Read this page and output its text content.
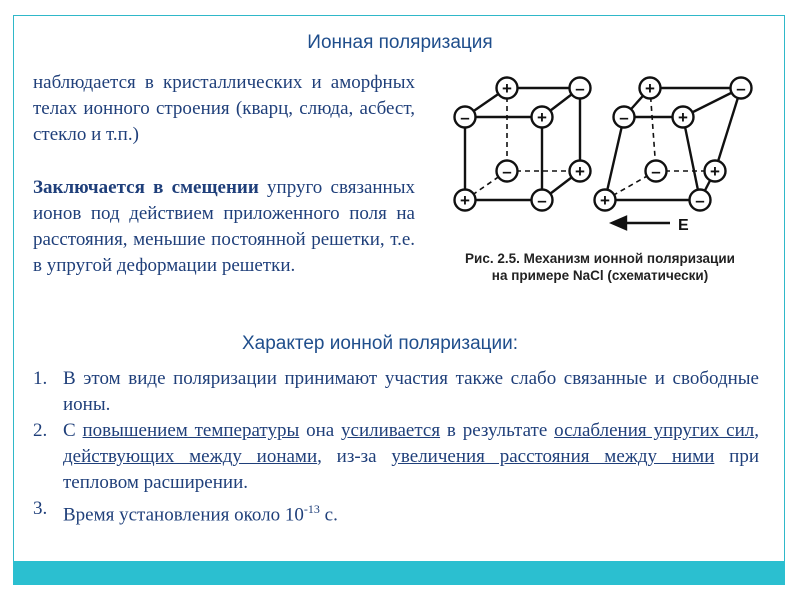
Ионная поляризация

наблюдается в кристаллических и аморфных телах ионного строения (кварц, слюда, асбест, стекло и т.п.)

Заключается в смещении упруго связанных ионов под действием приложенного поля на расстояния, меньшие постоянной решетки, т.е. в упругой деформации решетки.

E
+	–
–	+
–	+
+	–
+	–
–	+
–	+
+	–
Рис. 2.5. Механизм ионной поляризации
на примере NaCl (схематически)
Характер ионной поляризации:
1. В этом виде поляризации принимают участия также слабо связанные и свободные ионы.
2. С повышением температуры она усиливается в результате ослабления упругих сил, действующих между ионами, из-за увеличения расстояния между ними при тепловом расширении.
3. Время установления около $10^{-13}$ с.
